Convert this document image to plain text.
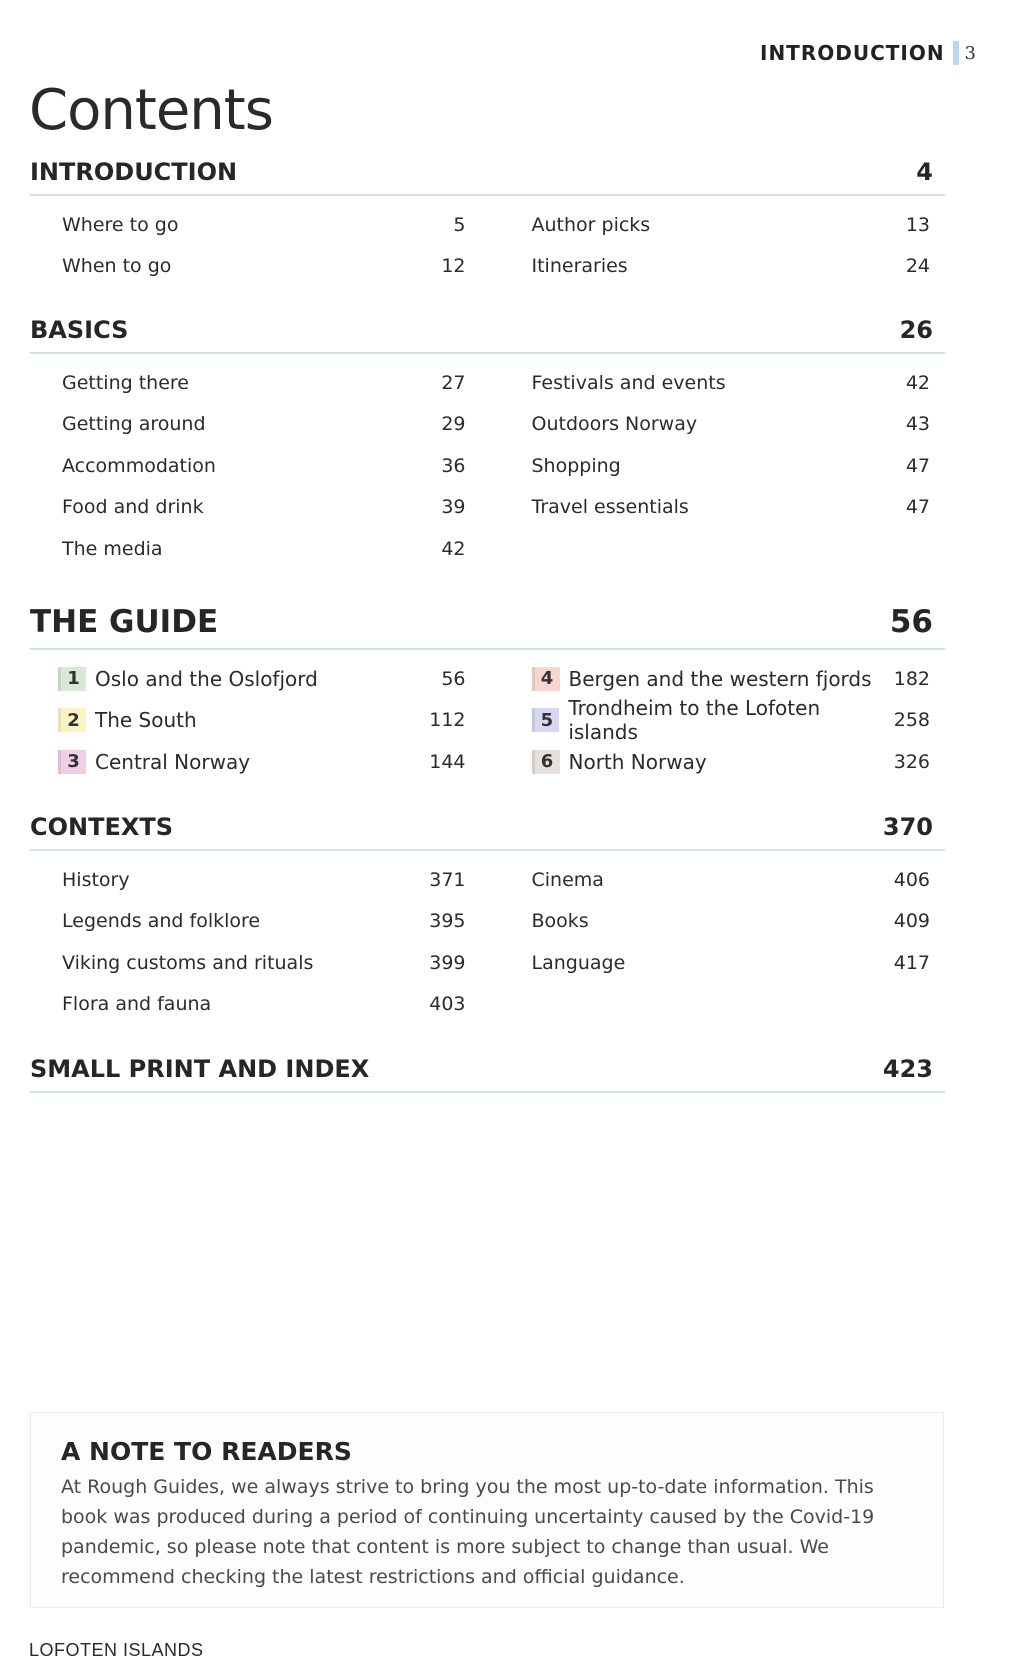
INTRODUCTION 3
Contents
INTRODUCTION	4
Where to go	5
When to go	12
Author picks	13
Itineraries	24
BASICS	26
Getting there	27
Getting around	29
Accommodation	36
Food and drink	39
The media	42
Festivals and events	42
Outdoors Norway	43
Shopping	47
Travel essentials	47
THE GUIDE	56
1 Oslo and the Oslofjord	56
2 The South	112
3 Central Norway	144
4 Bergen and the western fjords 182
5 Trondheim to the Lofoten islands	258
6 North Norway	326
CONTEXTS	370
History	371
Legends and folklore	395
Viking customs and rituals	399
Flora and fauna	403
Cinema	406
Books	409
Language	417
SMALL PRINT AND INDEX	423
A NOTE TO READERS

At Rough Guides, we always strive to bring you the most up-to-date information. This book was produced during a period of continuing uncertainty caused by the Covid-19 pandemic, so please note that content is more subject to change than usual. We recommend checking the latest restrictions and official guidance.

LOFOTEN ISLANDS
